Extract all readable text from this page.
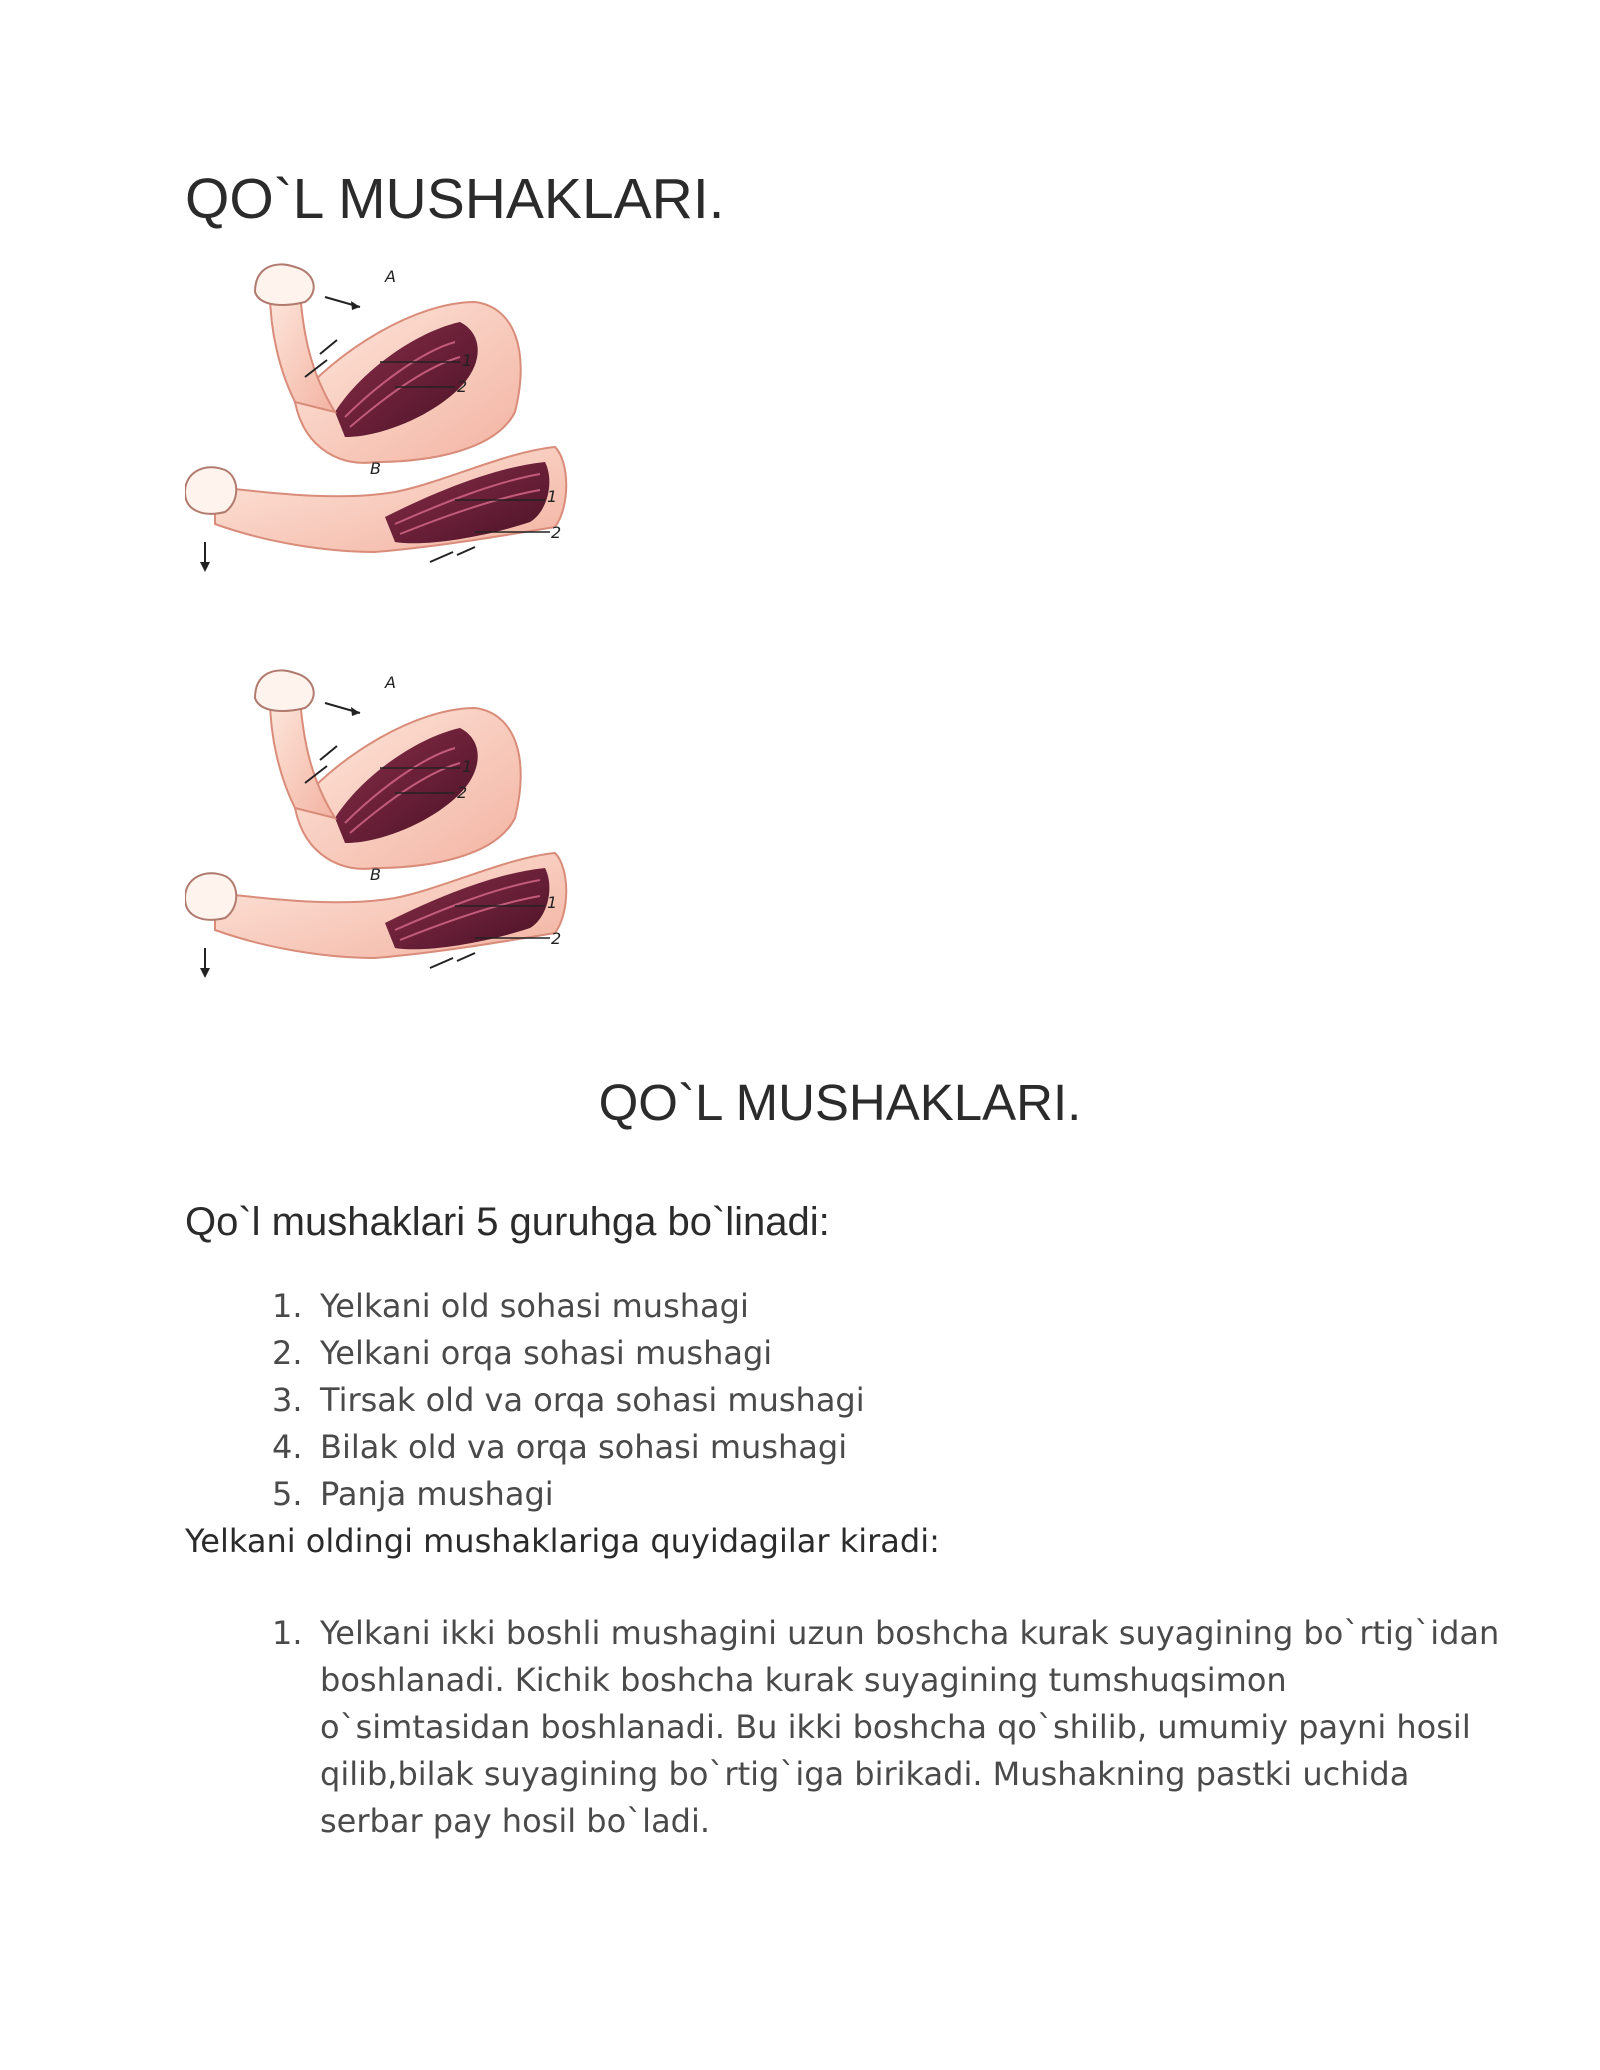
QO`L MUSHAKLARI.
A
1
2
B
1
2
A
1
2
B
1
2
QO`L MUSHAKLARI.

Qo`l mushaklari 5 guruhga bo`linadi:

1. Yelkani old sohasi mushagi
2. Yelkani orqa sohasi mushagi
3. Tirsak old va orqa sohasi mushagi
4. Bilak old va orqa sohasi mushagi
5. Panja mushagi

Yelkani oldingi mushaklariga quyidagilar kiradi:

1. Yelkani ikki boshli mushagini uzun boshcha kurak suyagining bo`rtig`idan boshlanadi. Kichik boshcha kurak suyagining tumshuqsimon o`simtasidan boshlanadi. Bu ikki boshcha qo`shilib, umumiy payni hosil qilib,bilak suyagining bo`rtig`iga birikadi. Mushakning pastki uchida serbar pay hosil bo`ladi.
